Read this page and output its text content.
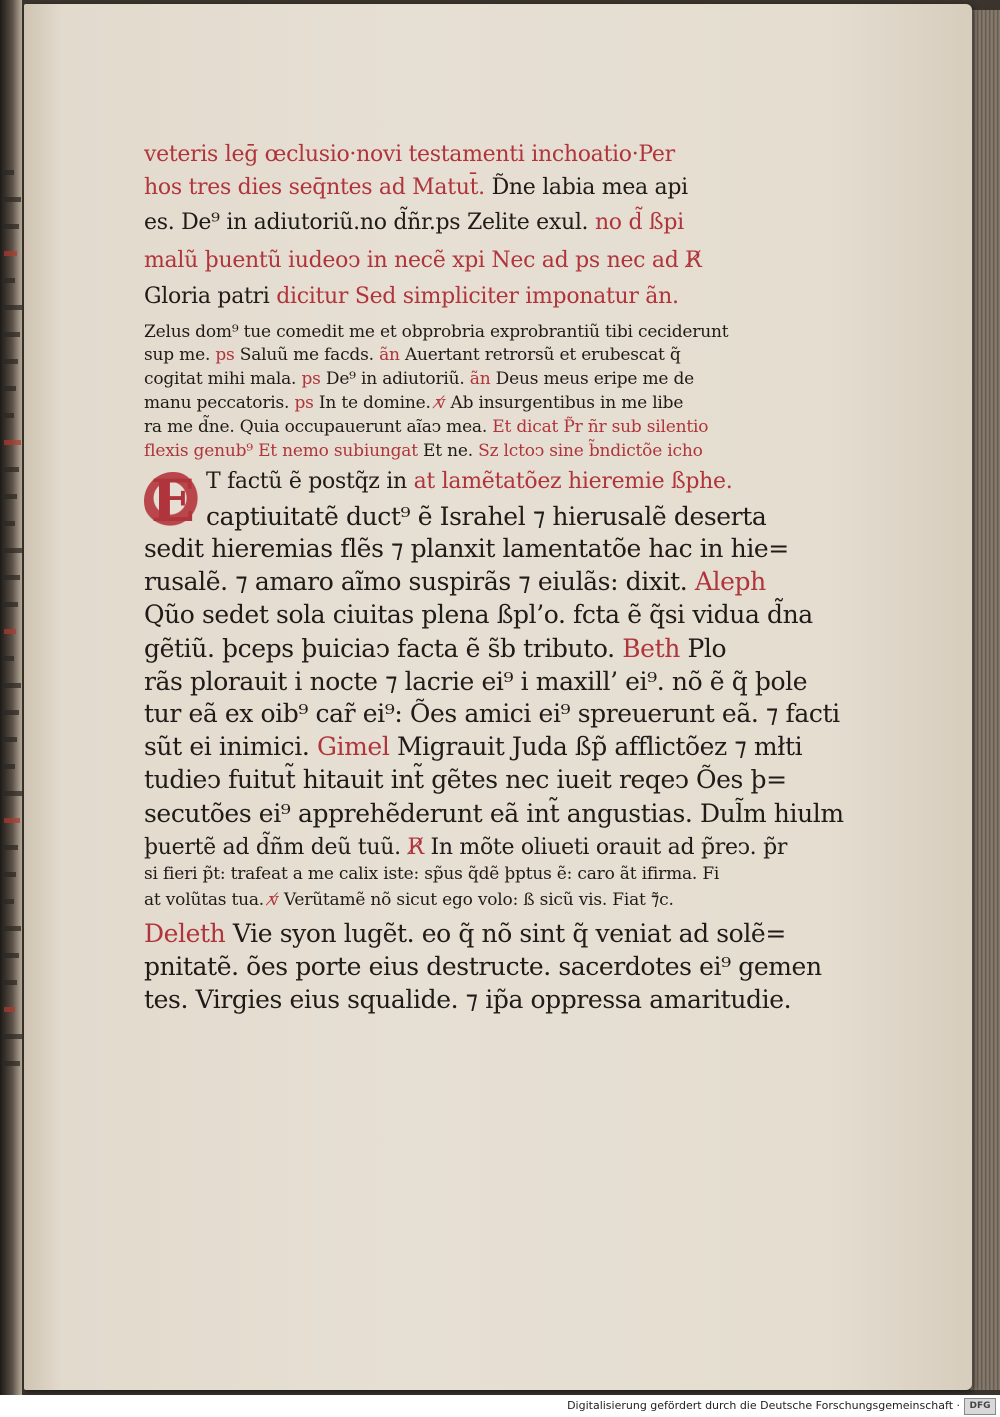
E
veteris leḡ œclusio·novi testamenti inchoatio·Per
hos tres dies seq̄ntes ad Matut̄. D̃ne labia mea api
es. De⁹ in adiutoriũ.no d̃ñr.ps Zelite exul. no d̃ ßpi
malũ þuentũ iudeoↄ in necẽ xpi Nec ad ps nec ad R̸
Gloria patri dicitur Sed simpliciter imponatur ãn.
Zelus dom⁹ tue comedit me et obprobria exprobrantiũ tibi ceciderunt
sup me. ps Saluũ me facds. ãn Auertant retrorsũ et erubescat q̃
cogitat mihi mala. ps De⁹ in adiutoriũ. ãn Deus meus eripe me de
manu peccatoris. ps In te domine. v̸ Ab insurgentibus in me libe
ra me d̃ne. Quia occupauerunt aĩaↄ mea. Et dicat P̃r ñr sub silentio
flexis genub⁹ Et nemo subiungat Et ne. Sz lctoↄ sine b̃ndictõe icho
T factũ ẽ postq̃z in at lamẽtatõez hieremie ßphe.
captiuitatẽ duct⁹ ẽ Israhel ⁊ hierusalẽ deserta
sedit hieremias flẽs ⁊ planxit lamentatõe hac in hie=
rusalẽ. ⁊ amaro aĩmo suspirãs ⁊ eiulãs: dixit. Aleph
Qũo sedet sola ciuitas plena ßpl’o. fcta ẽ q̃si vidua d̃na
gẽtiũ. þceps þuiciaↄ facta ẽ s̃b tributo. Beth Plo
rãs plorauit i nocte ⁊ lacrie ei⁹ i maxill’ ei⁹. nõ ẽ q̃ þole
tur eã ex oib⁹ car̃ ei⁹: Ões amici ei⁹ spreuerunt eã. ⁊ facti
sũt ei inimici. Gimel Migrauit Juda ßp̃ afflictõez ⁊ młti
tudieↄ fuitut̃ hitauit int̃ gẽtes nec iueit reqeↄ Ões þ=
secutões ei⁹ apprehẽderunt eã int̃ angustias. Dul̃m hiulm
þuertẽ ad d̃ñm deũ tuũ. R̸ In mõte oliueti orauit ad p̃reↄ. p̃r
si fieri p̃t: trafeat a me calix iste: sp̃us q̃dẽ þptus ẽ: caro ãt ifirma. Fi
at volũtas tua. v̸ Verũtamẽ nõ sicut ego volo: ß sicũ vis. Fiat ⁊̃c.
Deleth Vie syon lugẽt. eo q̃ nõ sint q̃ veniat ad solẽ=
pnitatẽ. ões porte eius destructe. sacerdotes ei⁹ gemen
tes. Virgies eius squalide. ⁊ ip̃a oppressa amaritudie.
Digitalisierung gefördert durch die Deutsche Forschungsgemeinschaft ·	DFG
